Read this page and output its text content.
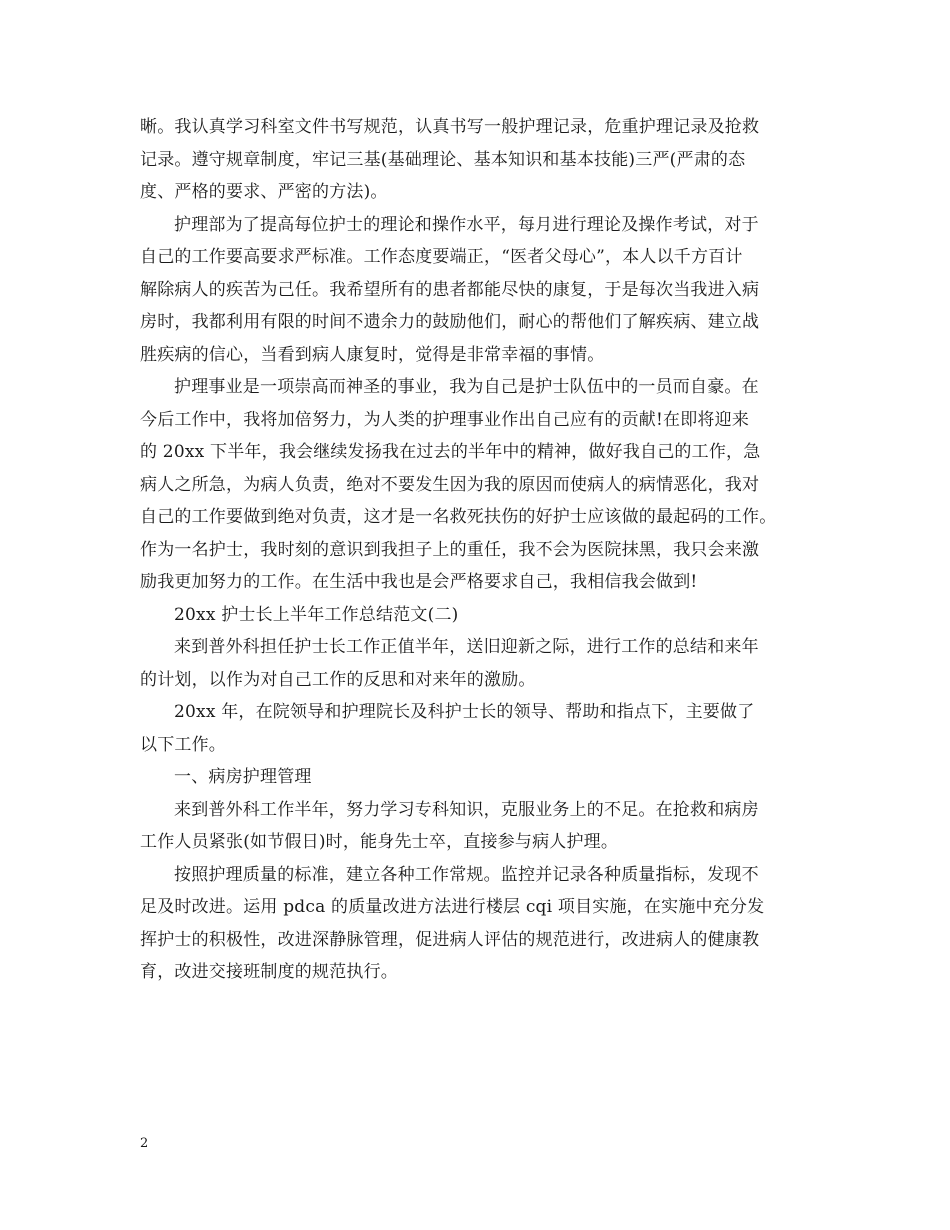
晰。我认真学习科室文件书写规范，认真书写一般护理记录，危重护理记录及抢救
记录。遵守规章制度，牢记三基(基础理论、基本知识和基本技能)三严(严肃的态
度、严格的要求、严密的方法)。
护理部为了提高每位护士的理论和操作水平，每月进行理论及操作考试，对于
自己的工作要高要求严标准。工作态度要端正，“医者父母心”，本人以千方百计
解除病人的疾苦为己任。我希望所有的患者都能尽快的康复，于是每次当我进入病
房时，我都利用有限的时间不遗余力的鼓励他们，耐心的帮他们了解疾病、建立战
胜疾病的信心，当看到病人康复时，觉得是非常幸福的事情。
护理事业是一项崇高而神圣的事业，我为自己是护士队伍中的一员而自豪。在
今后工作中，我将加倍努力，为人类的护理事业作出自己应有的贡献!在即将迎来
的 20xx 下半年，我会继续发扬我在过去的半年中的精神，做好我自己的工作，急
病人之所急，为病人负责，绝对不要发生因为我的原因而使病人的病情恶化，我对
自己的工作要做到绝对负责，这才是一名救死扶伤的好护士应该做的最起码的工作。
作为一名护士，我时刻的意识到我担子上的重任，我不会为医院抹黑，我只会来激
励我更加努力的工作。在生活中我也是会严格要求自己，我相信我会做到!
20xx 护士长上半年工作总结范文(二)
来到普外科担任护士长工作正值半年，送旧迎新之际，进行工作的总结和来年
的计划，以作为对自己工作的反思和对来年的激励。
20xx 年，在院领导和护理院长及科护士长的领导、帮助和指点下，主要做了
以下工作。
一、病房护理管理
来到普外科工作半年，努力学习专科知识，克服业务上的不足。在抢救和病房
工作人员紧张(如节假日)时，能身先士卒，直接参与病人护理。
按照护理质量的标准，建立各种工作常规。监控并记录各种质量指标，发现不
足及时改进。运用 pdca 的质量改进方法进行楼层 cqi 项目实施，在实施中充分发
挥护士的积极性，改进深静脉管理，促进病人评估的规范进行，改进病人的健康教
育，改进交接班制度的规范执行。
2
